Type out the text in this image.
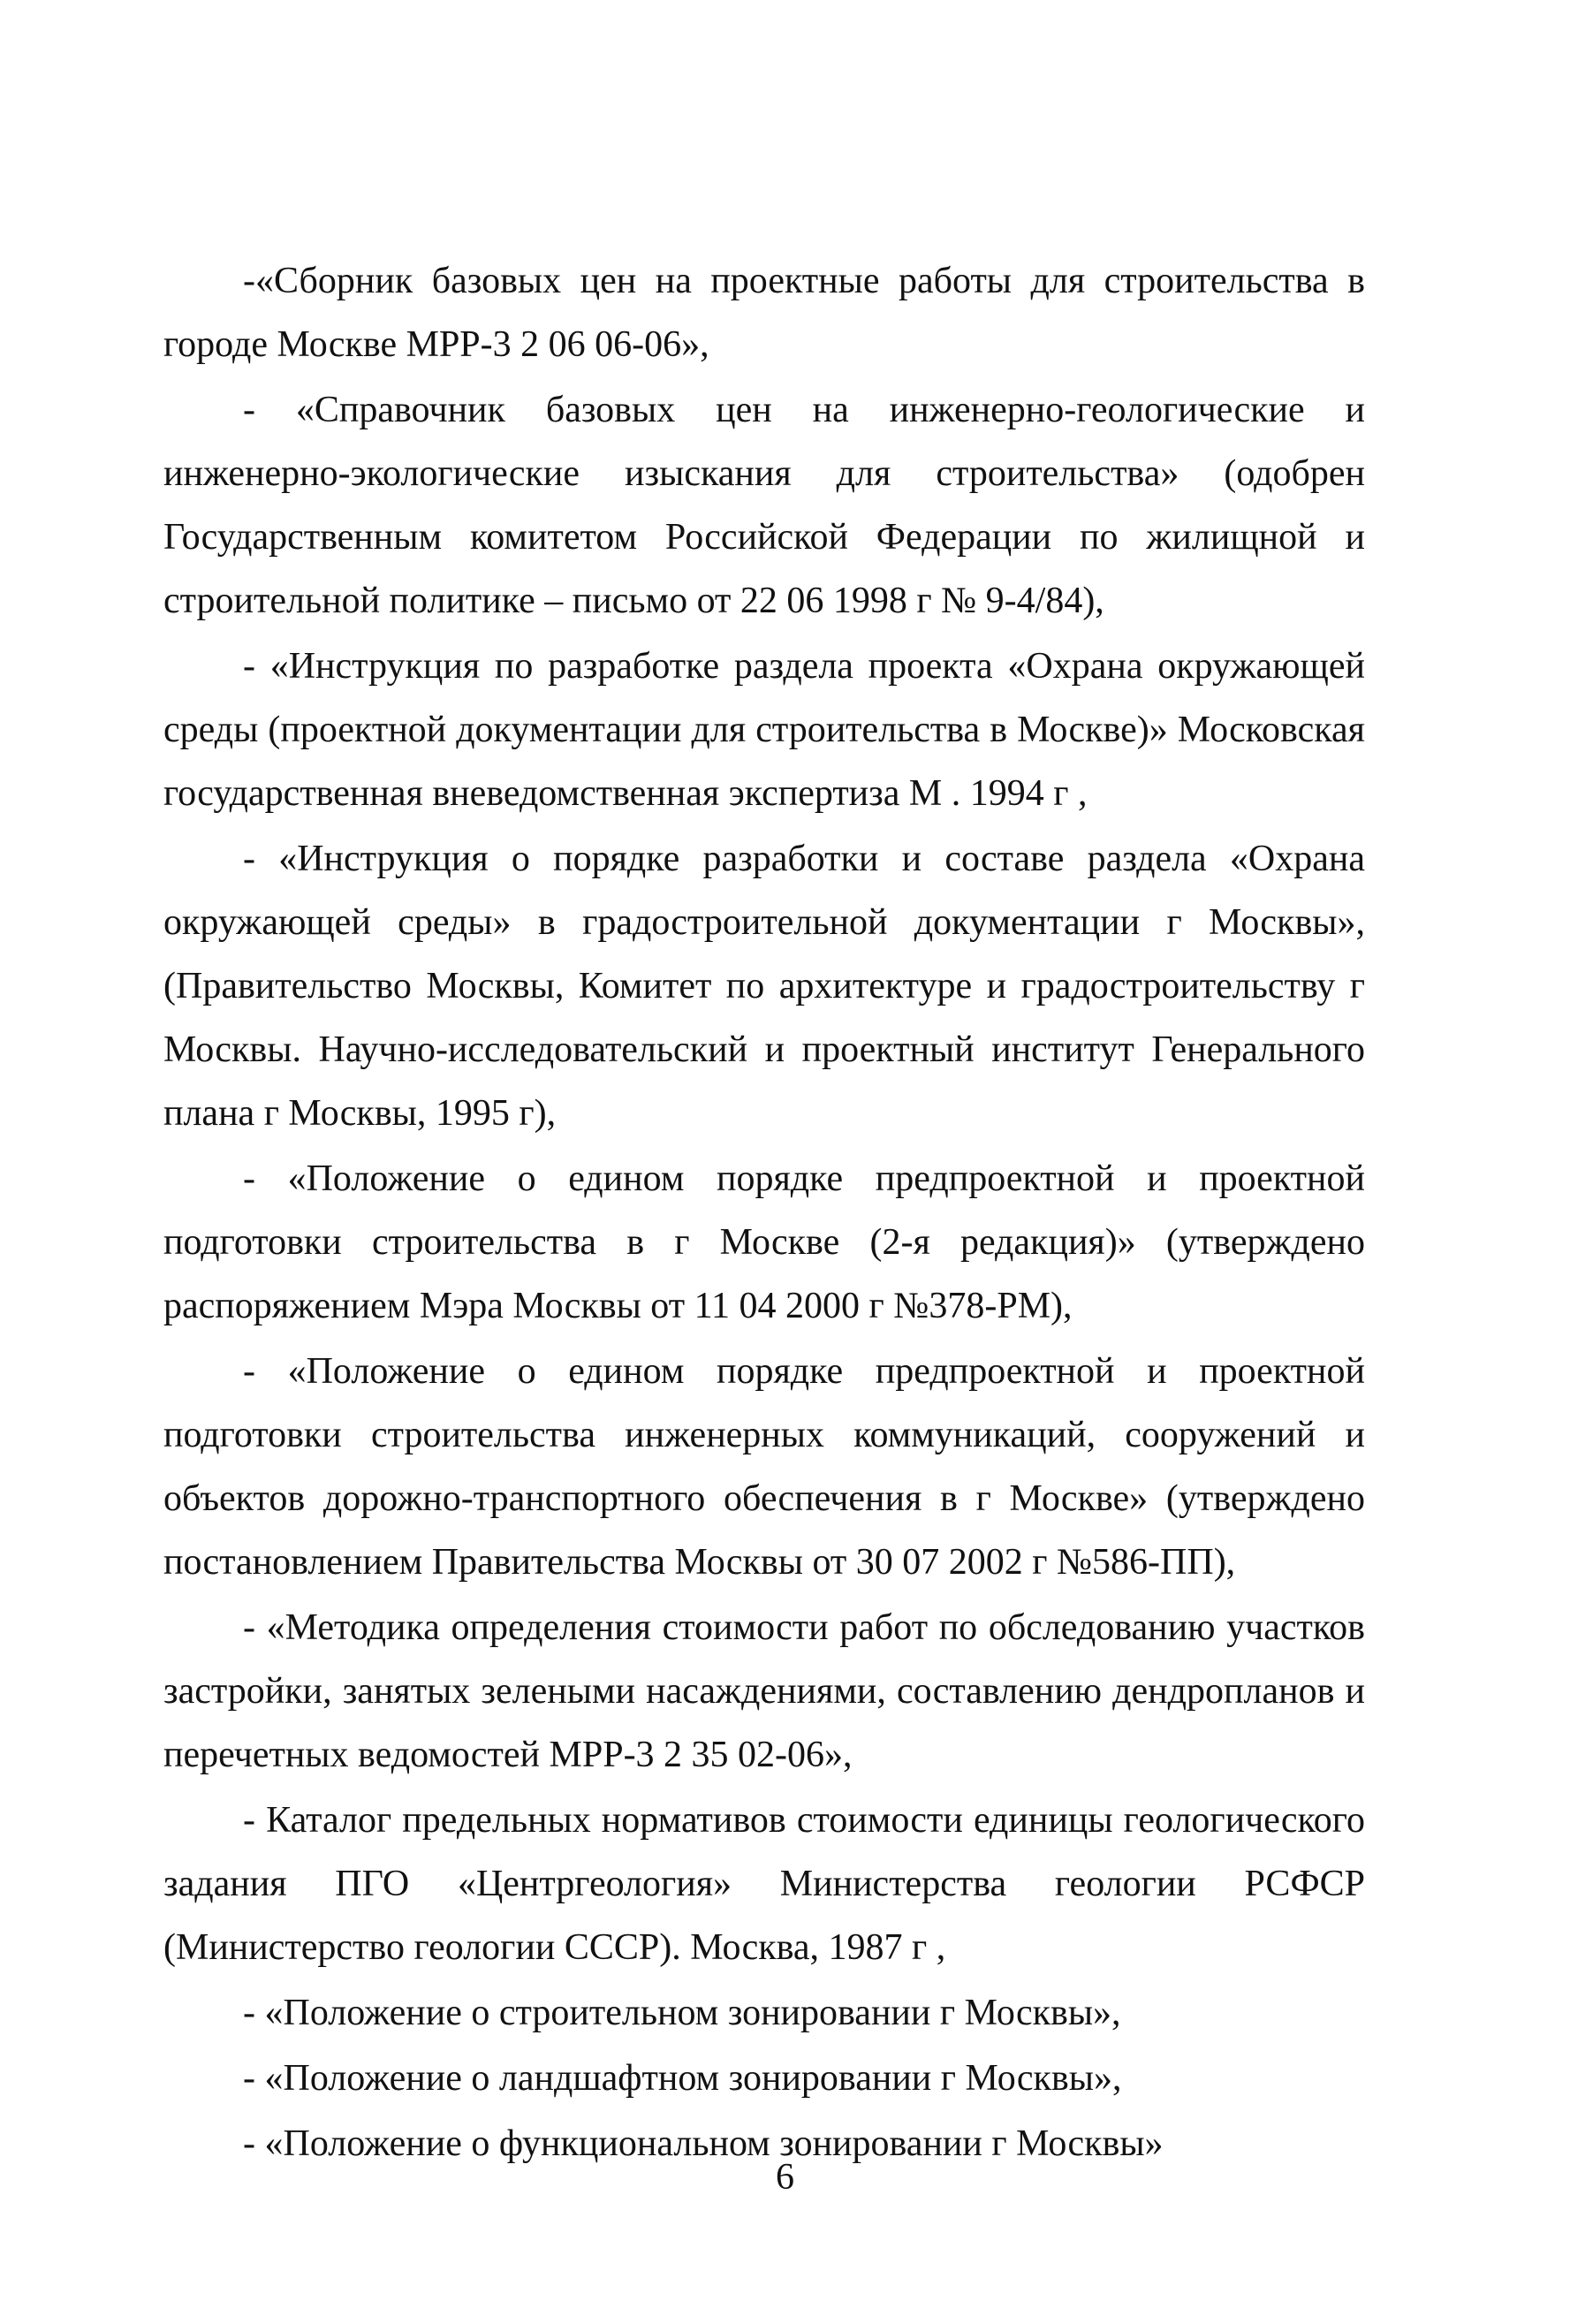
-«Сборник базовых цен на проектные работы для строительства в городе Москве МРР-3 2 06 06-06»,

- «Справочник базовых цен на инженерно-геологические и инженерно-экологические изыскания для строительства» (одобрен Государственным комитетом Российской Федерации по жилищной и строительной политике – письмо от 22 06 1998 г № 9-4/84),

- «Инструкция по разработке раздела проекта «Охрана окружающей среды (проектной документации для строительства в Москве)» Московская государственная вневедомственная экспертиза М . 1994 г ,

- «Инструкция о порядке разработки и составе раздела «Охрана окружающей среды» в градостроительной документации г Москвы», (Правительство Москвы, Комитет по архитектуре и градостроительству г Москвы. Научно-исследовательский и проектный институт Генерального плана г Москвы, 1995 г),

- «Положение о едином порядке предпроектной и проектной подготовки строительства в г Москве (2-я редакция)» (утверждено распоряжением Мэра Москвы от 11 04 2000 г №378-РМ),

- «Положение о едином порядке предпроектной и проектной подготовки строительства инженерных коммуникаций, сооружений и объектов дорожно-транспортного обеспечения в г Москве» (утверждено постановлением Правительства Москвы от 30 07 2002 г №586-ПП),

- «Методика определения стоимости работ по обследованию участков застройки, занятых зелеными насаждениями, составлению дендропланов и перечетных ведомостей МРР-3 2 35 02-06»,

- Каталог предельных нормативов стоимости единицы геологического задания ПГО «Центргеология» Министерства геологии РСФСР (Министерство геологии СССР). Москва, 1987 г ,

- «Положение о строительном зонировании г Москвы»,

- «Положение о ландшафтном зонировании г Москвы»,

- «Положение о функциональном зонировании г Москвы»

6
